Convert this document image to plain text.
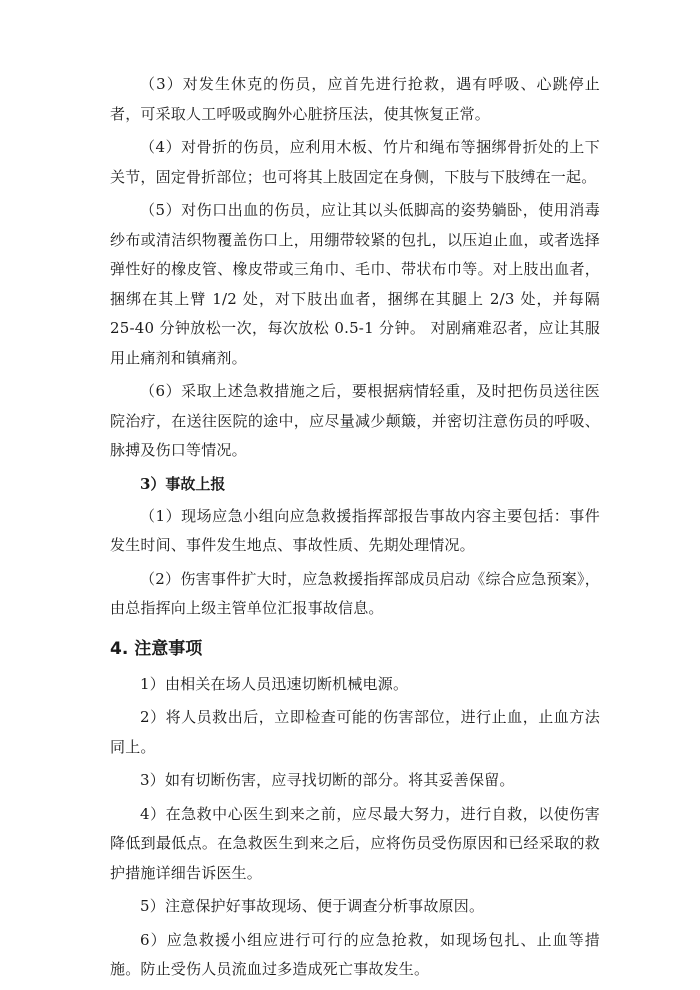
（3）对发生休克的伤员，应首先进行抢救，遇有呼吸、心跳停止者，可采取人工呼吸或胸外心脏挤压法，使其恢复正常。

（4）对骨折的伤员，应利用木板、竹片和绳布等捆绑骨折处的上下关节，固定骨折部位；也可将其上肢固定在身侧，下肢与下肢缚在一起。

（5）对伤口出血的伤员，应让其以头低脚高的姿势躺卧，使用消毒纱布或清洁织物覆盖伤口上，用绷带较紧的包扎，以压迫止血，或者选择弹性好的橡皮管、橡皮带或三角巾、毛巾、带状布巾等。对上肢出血者，捆绑在其上臂 1/2 处，对下肢出血者，捆绑在其腿上 2/3 处，并每隔 25-40 分钟放松一次，每次放松 0.5-1 分钟。 对剧痛难忍者，应让其服用止痛剂和镇痛剂。

（6）采取上述急救措施之后，要根据病情轻重，及时把伤员送往医院治疗，在送往医院的途中，应尽量减少颠簸，并密切注意伤员的呼吸、脉搏及伤口等情况。

3）事故上报

（1）现场应急小组向应急救援指挥部报告事故内容主要包括：事件发生时间、事件发生地点、事故性质、先期处理情况。

（2）伤害事件扩大时，应急救援指挥部成员启动《综合应急预案》，由总指挥向上级主管单位汇报事故信息。

4. 注意事项

1）由相关在场人员迅速切断机械电源。

2）将人员救出后，立即检查可能的伤害部位，进行止血，止血方法同上。

3）如有切断伤害，应寻找切断的部分。将其妥善保留。

4）在急救中心医生到来之前，应尽最大努力，进行自救，以使伤害降低到最低点。在急救医生到来之后，应将伤员受伤原因和已经采取的救护措施详细告诉医生。

5）注意保护好事故现场、便于调查分析事故原因。

6）应急救援小组应进行可行的应急抢救，如现场包扎、止血等措施。防止受伤人员流血过多造成死亡事故发生。
